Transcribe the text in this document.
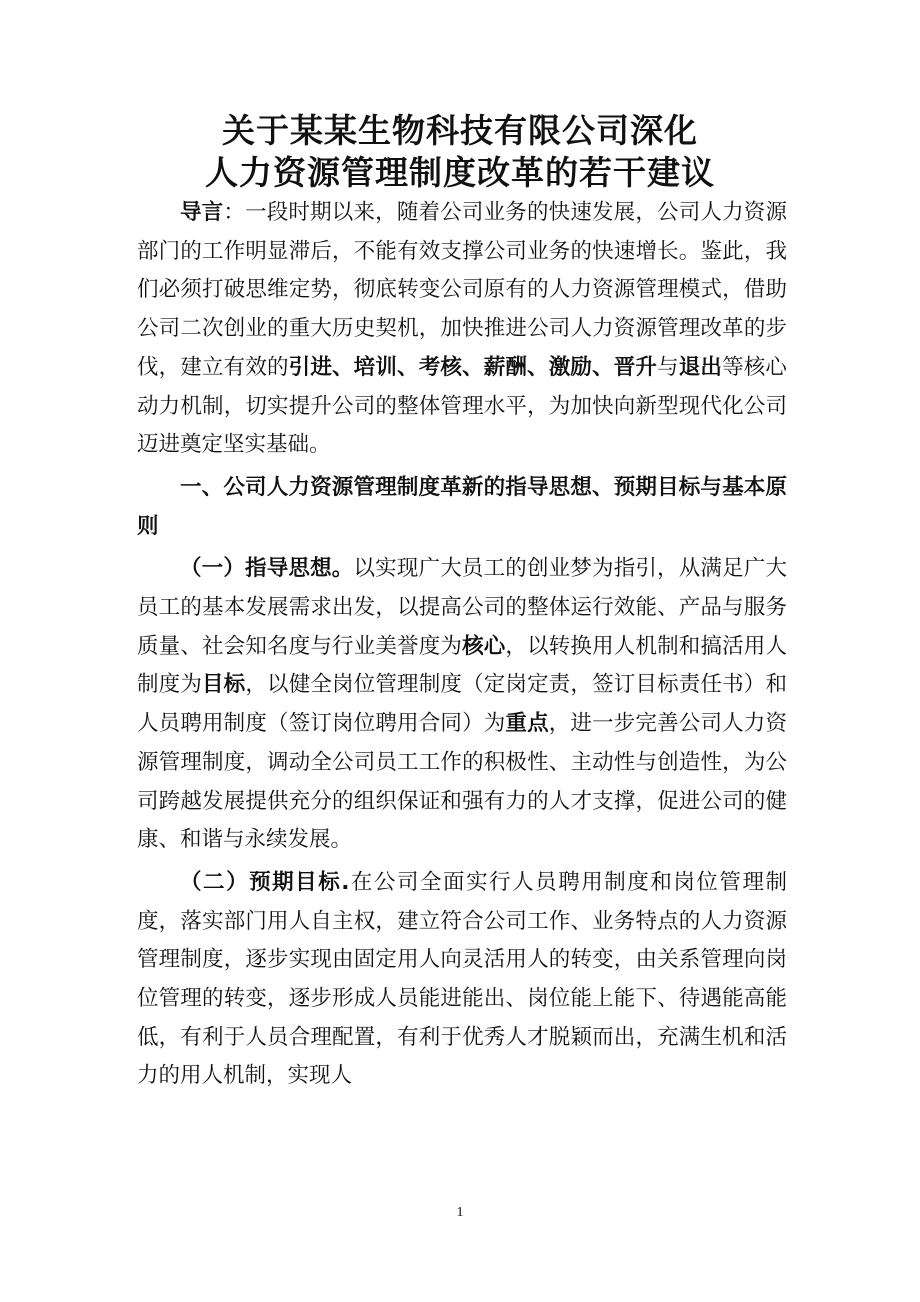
关于某某生物科技有限公司深化
人力资源管理制度改革的若干建议

导言：一段时期以来，随着公司业务的快速发展，公司人力资源部门的工作明显滞后，不能有效支撑公司业务的快速增长。鉴此，我们必须打破思维定势，彻底转变公司原有的人力资源管理模式，借助公司二次创业的重大历史契机，加快推进公司人力资源管理改革的步伐，建立有效的引进、培训、考核、薪酬、激励、晋升与退出等核心动力机制，切实提升公司的整体管理水平，为加快向新型现代化公司迈进奠定坚实基础。

一、公司人力资源管理制度革新的指导思想、预期目标与基本原则

（一）指导思想。以实现广大员工的创业梦为指引，从满足广大员工的基本发展需求出发，以提高公司的整体运行效能、产品与服务质量、社会知名度与行业美誉度为核心，以转换用人机制和搞活用人制度为目标，以健全岗位管理制度（定岗定责，签订目标责任书）和人员聘用制度（签订岗位聘用合同）为重点，进一步完善公司人力资源管理制度，调动全公司员工工作的积极性、主动性与创造性，为公司跨越发展提供充分的组织保证和强有力的人才支撑，促进公司的健康、和谐与永续发展。

（二）预期目标.在公司全面实行人员聘用制度和岗位管理制度，落实部门用人自主权，建立符合公司工作、业务特点的人力资源管理制度，逐步实现由固定用人向灵活用人的转变，由关系管理向岗位管理的转变，逐步形成人员能进能出、岗位能上能下、待遇能高能低，有利于人员合理配置，有利于优秀人才脱颖而出，充满生机和活力的用人机制，实现人

1
